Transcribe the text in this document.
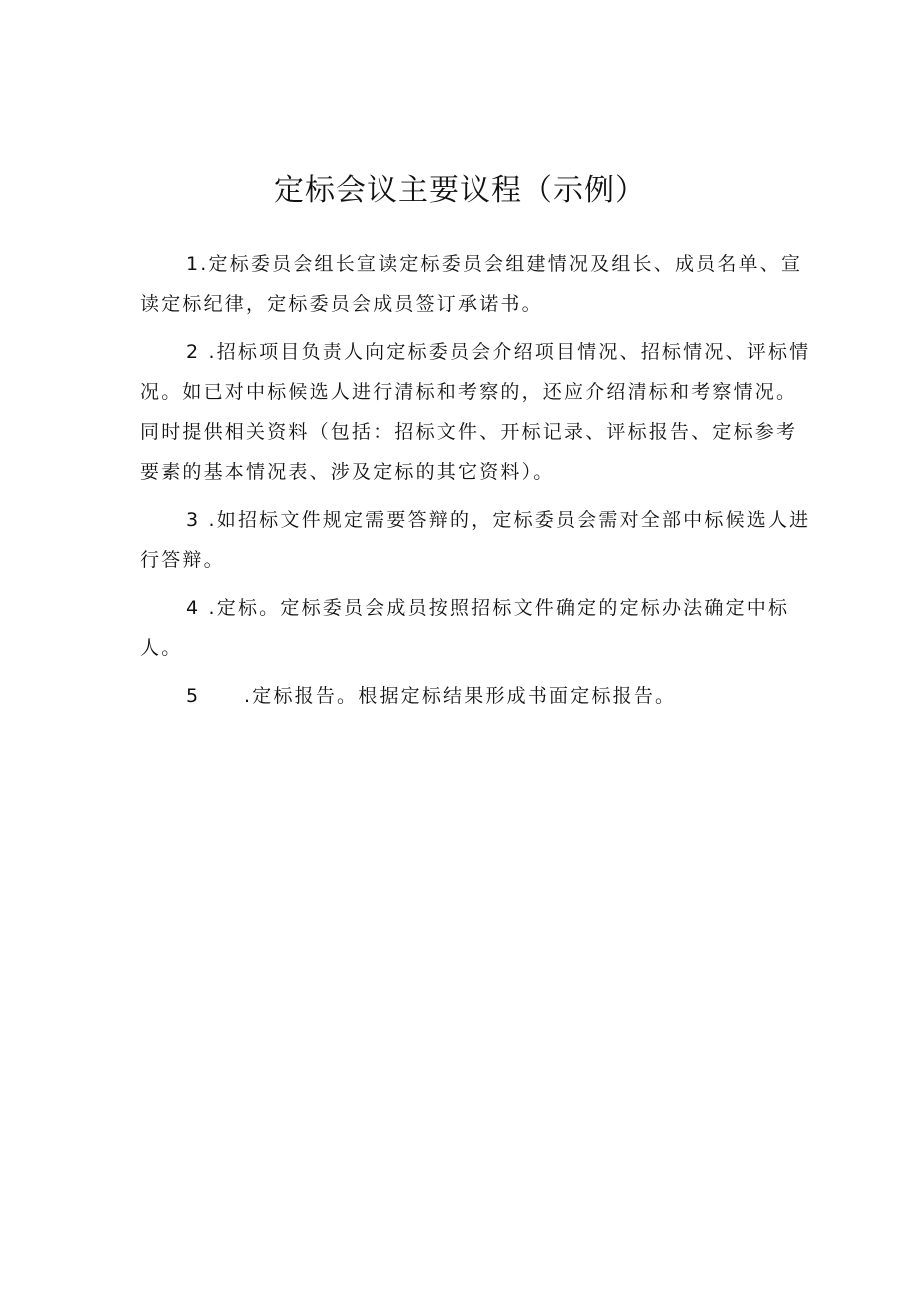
定标会议主要议程（示例）

1.定标委员会组长宣读定标委员会组建情况及组长、成员名单、宣读定标纪律，定标委员会成员签订承诺书。

2 .招标项目负责人向定标委员会介绍项目情况、招标情况、评标情况。如已对中标候选人进行清标和考察的，还应介绍清标和考察情况。同时提供相关资料（包括：招标文件、开标记录、评标报告、定标参考要素的基本情况表、涉及定标的其它资料）。

3 .如招标文件规定需要答辩的，定标委员会需对全部中标候选人进行答辩。

4 .定标。定标委员会成员按照招标文件确定的定标办法确定中标人。

5 .定标报告。根据定标结果形成书面定标报告。
